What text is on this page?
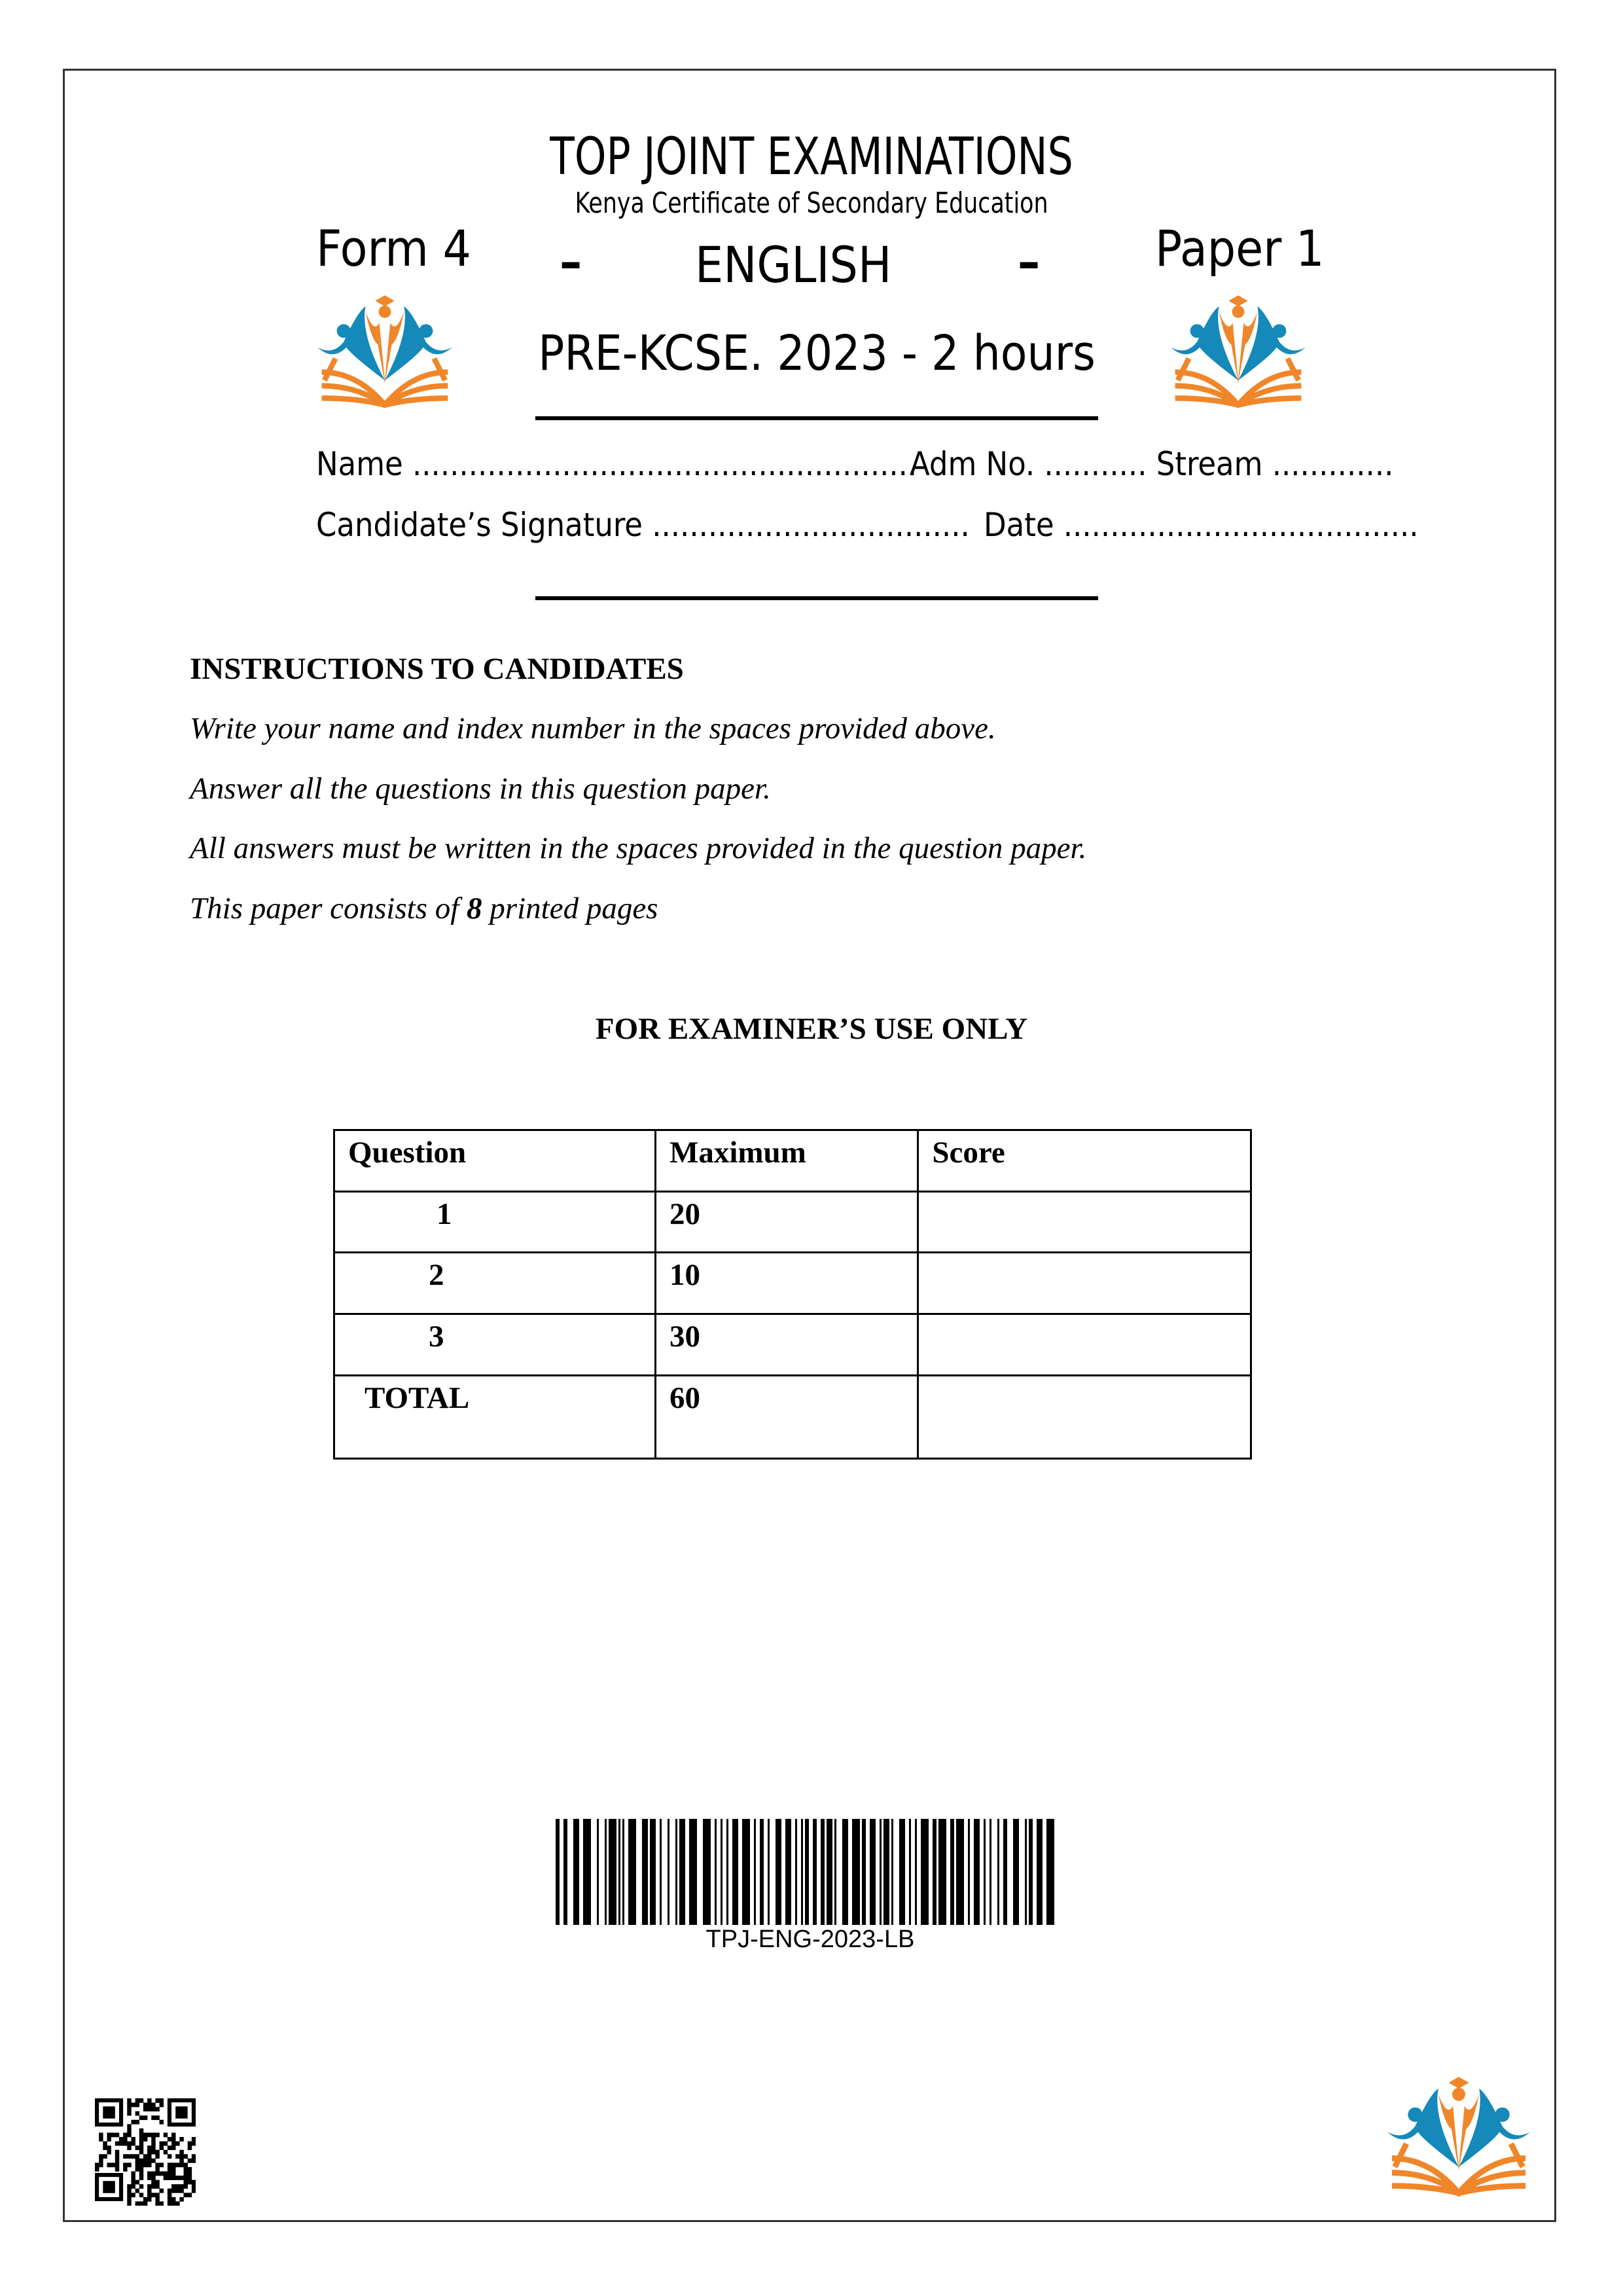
TOP JOINT EXAMINATIONS
Kenya Certificate of Secondary Education
Form 4 – ENGLISH	– Paper 1
PRE-KCSE. 2023 - 2 hours
Name ......................................................
Adm No. ........... Stream .............
Candidate’s Signature .................................. Date ......................................
INSTRUCTIONS TO CANDIDATES
Write your name and index number in the spaces provided above.
Answer all the questions in this question paper.
All answers must be written in the spaces provided in the question paper.
This paper consists of 8 printed pages
FOR EXAMINER’S USE ONLY
Question	Maximum	Score
1	20	
2	10	
3	30	
TOTAL	60	
TPJ-ENG-2023-LB
